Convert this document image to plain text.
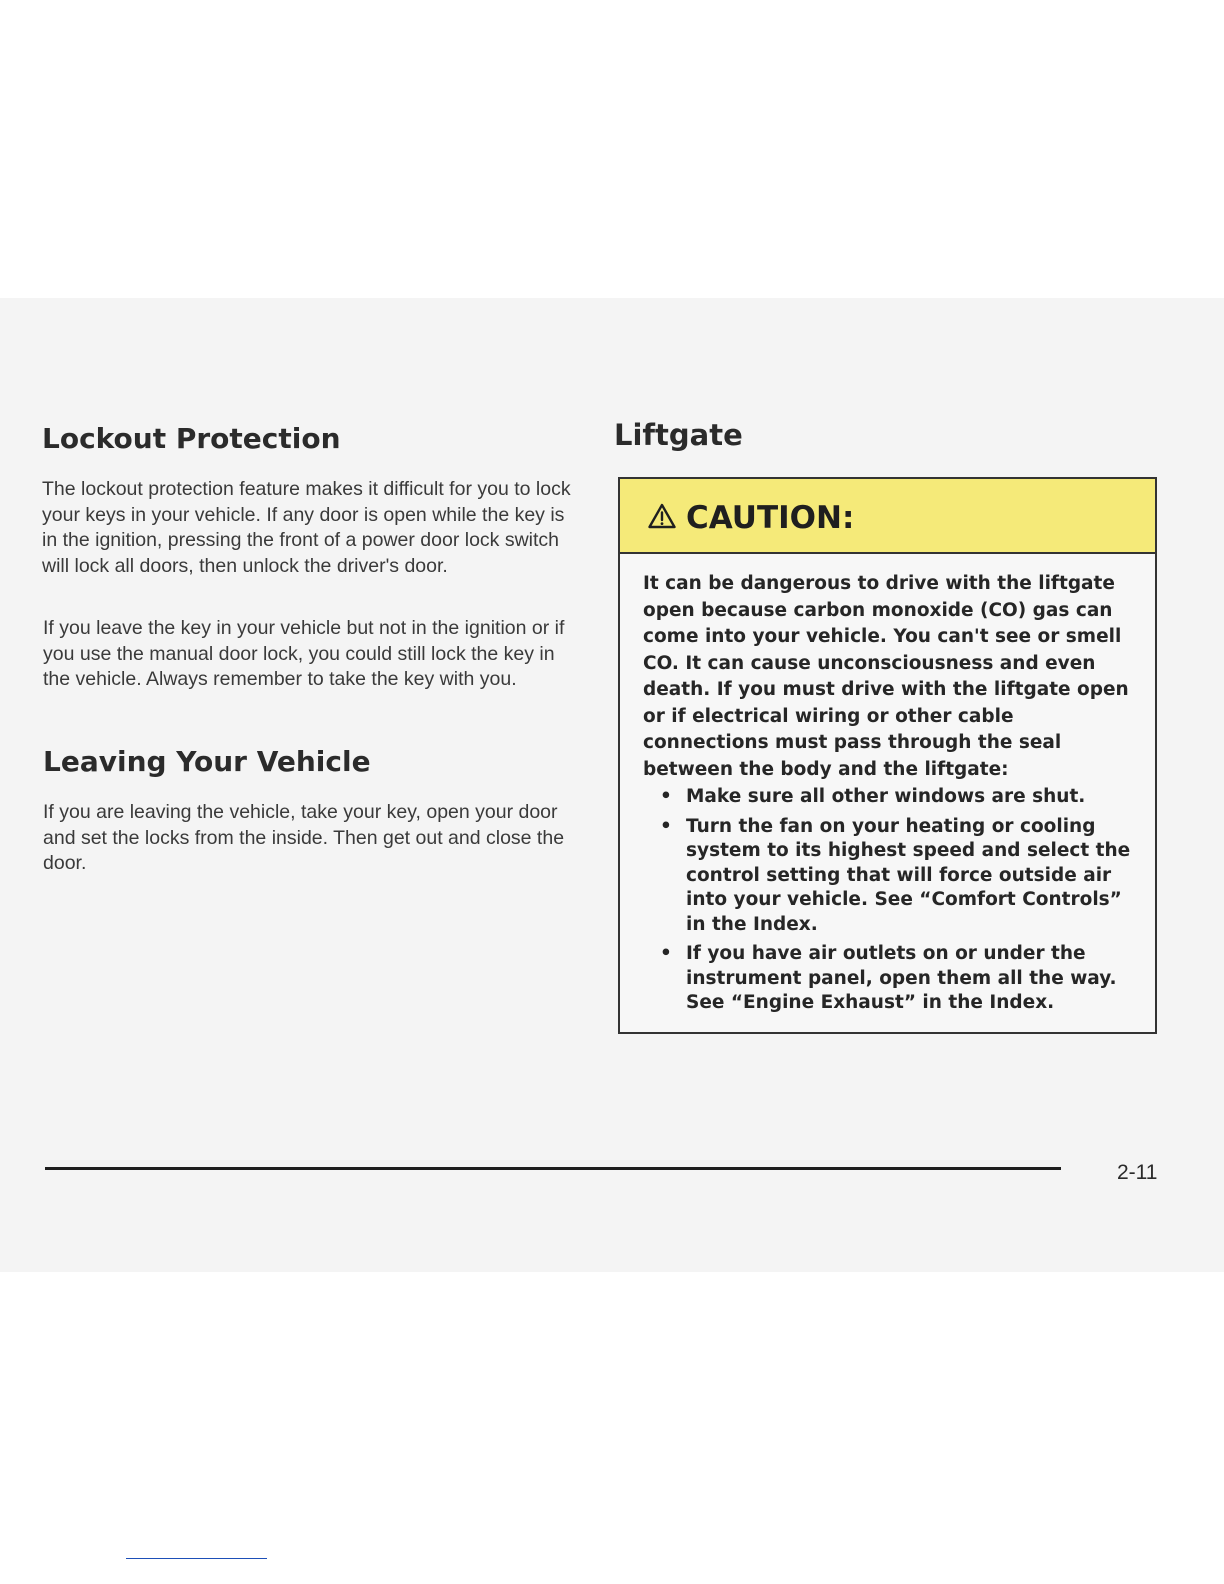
Lockout Protection

The lockout protection feature makes it difficult for you to lock your keys in your vehicle. If any door is open while the key is in the ignition, pressing the front of a power door lock switch will lock all doors, then unlock the driver's door.

If you leave the key in your vehicle but not in the ignition or if you use the manual door lock, you could still lock the key in the vehicle. Always remember to take the key with you.

Leaving Your Vehicle

If you are leaving the vehicle, take your key, open your door and set the locks from the inside. Then get out and close the door.

Liftgate
CAUTION:

It can be dangerous to drive with the liftgate open because carbon monoxide (CO) gas can come into your vehicle. You can't see or smell CO. It can cause unconsciousness and even death. If you must drive with the liftgate open or if electrical wiring or other cable connections must pass through the seal between the body and the liftgate:

• Make sure all other windows are shut.
• Turn the fan on your heating or cooling system to its highest speed and select the control setting that will force outside air into your vehicle. See “Comfort Controls” in the Index.
• If you have air outlets on or under the instrument panel, open them all the way. See “Engine Exhaust” in the Index.
2-11
